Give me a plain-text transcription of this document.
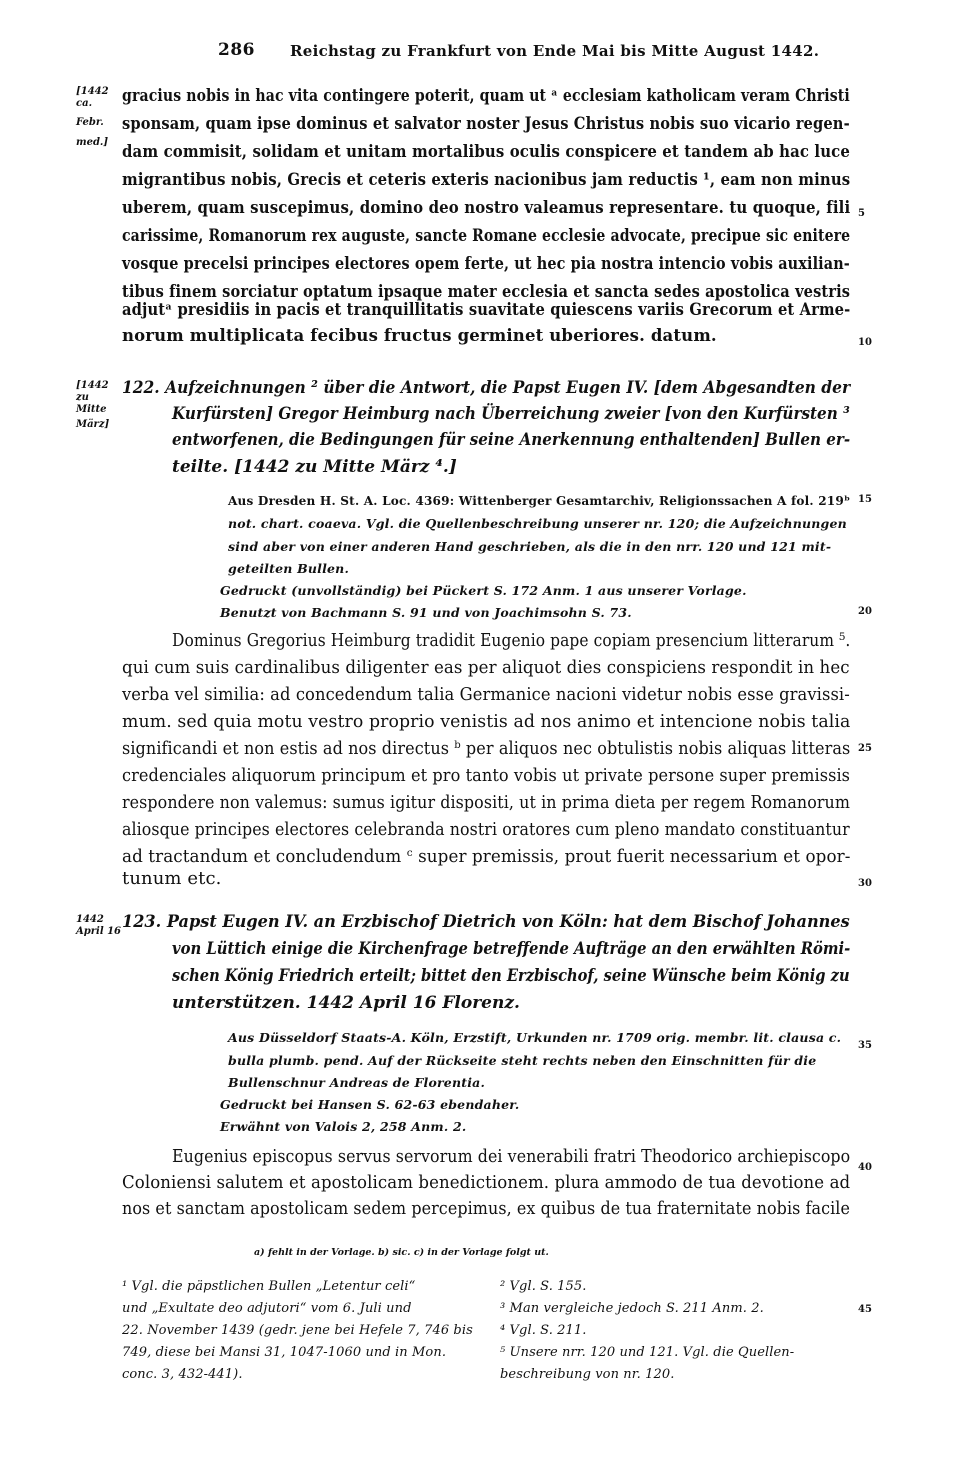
286 Reichstag zu Frankfurt von Ende Mai bis Mitte August 1442.
[1442
ca.
Febr.
med.]
gracius nobis in hac vita contingere poterit, quam ut ᵃ ecclesiam katholicam veram Christi
sponsam, quam ipse dominus et salvator noster Jesus Christus nobis suo vicario regen-
dam commisit, solidam et unitam mortalibus oculis conspicere et tandem ab hac luce
migrantibus nobis, Grecis et ceteris exteris nacionibus jam reductis ¹, eam non minus
uberem, quam suscepimus, domino deo nostro valeamus representare. tu quoque, fili
carissime, Romanorum rex auguste, sancte Romane ecclesie advocate, precipue sic enitere
vosque precelsi principes electores opem ferte, ut hec pia nostra intencio vobis auxilian-
tibus finem sorciatur optatum ipsaque mater ecclesia et sancta sedes apostolica vestris
adjutᵃ presidiis in pacis et tranquillitatis suavitate quiescens variis Grecorum et Arme-
norum multiplicata fecibus fructus germinet uberiores. datum.
5
10
15
20
25
30
35
40
45
[1442
zu
Mitte
März]
122. Aufzeichnungen ² über die Antwort, die Papst Eugen IV. [dem Abgesandten der
Kurfürsten] Gregor Heimburg nach Überreichung zweier [von den Kurfürsten ³
entworfenen, die Bedingungen für seine Anerkennung enthaltenden] Bullen er-
teilte. [1442 zu Mitte März ⁴.]
Aus Dresden H. St. A. Loc. 4369: Wittenberger Gesamtarchiv, Religionssachen A fol. 219ᵇ
not. chart. coaeva. Vgl. die Quellenbeschreibung unserer nr. 120; die Aufzeichnungen
sind aber von einer anderen Hand geschrieben, als die in den nrr. 120 und 121 mit-
geteilten Bullen.
Gedruckt (unvollständig) bei Pückert S. 172 Anm. 1 aus unserer Vorlage.
Benutzt von Bachmann S. 91 und von Joachimsohn S. 73.
Dominus Gregorius Heimburg tradidit Eugenio pape copiam presencium litterarum ⁵.
qui cum suis cardinalibus diligenter eas per aliquot dies conspiciens respondit in hec
verba vel similia: ad concedendum talia Germanice nacioni videtur nobis esse gravissi-
mum. sed quia motu vestro proprio venistis ad nos animo et intencione nobis talia
significandi et non estis ad nos directus ᵇ per aliquos nec obtulistis nobis aliquas litteras
credenciales aliquorum principum et pro tanto vobis ut private persone super premissis
respondere non valemus: sumus igitur dispositi, ut in prima dieta per regem Romanorum
aliosque principes electores celebranda nostri oratores cum pleno mandato constituantur
ad tractandum et concludendum ᶜ super premissis, prout fuerit necessarium et opor-
tunum etc.
1442
April 16 123. Papst Eugen IV. an Erzbischof Dietrich von Köln: hat dem Bischof Johannes
von Lüttich einige die Kirchenfrage betreffende Aufträge an den erwählten Römi-
schen König Friedrich erteilt; bittet den Erzbischof, seine Wünsche beim König zu
unterstützen. 1442 April 16 Florenz.
Aus Düsseldorf Staats-A. Köln, Erzstift, Urkunden nr. 1709 orig. membr. lit. clausa c.
bulla plumb. pend. Auf der Rückseite steht rechts neben den Einschnitten für die
Bullenschnur Andreas de Florentia.
Gedruckt bei Hansen S. 62-63 ebendaher.
Erwähnt von Valois 2, 258 Anm. 2.
Eugenius episcopus servus servorum dei venerabili fratri Theodorico archiepiscopo
Coloniensi salutem et apostolicam benedictionem. plura ammodo de tua devotione ad
nos et sanctam apostolicam sedem percepimus, ex quibus de tua fraternitate nobis facile
a) fehlt in der Vorlage. b) sic. c) in der Vorlage folgt ut.
¹ Vgl. die päpstlichen Bullen „Letentur celi“
und „Exultate deo adjutori“ vom 6. Juli und
22. November 1439 (gedr. jene bei Hefele 7, 746 bis
749, diese bei Mansi 31, 1047-1060 und in Mon.
conc. 3, 432-441).
² Vgl. S. 155.
³ Man vergleiche jedoch S. 211 Anm. 2.
⁴ Vgl. S. 211.
⁵ Unsere nrr. 120 und 121. Vgl. die Quellen-
beschreibung von nr. 120.
